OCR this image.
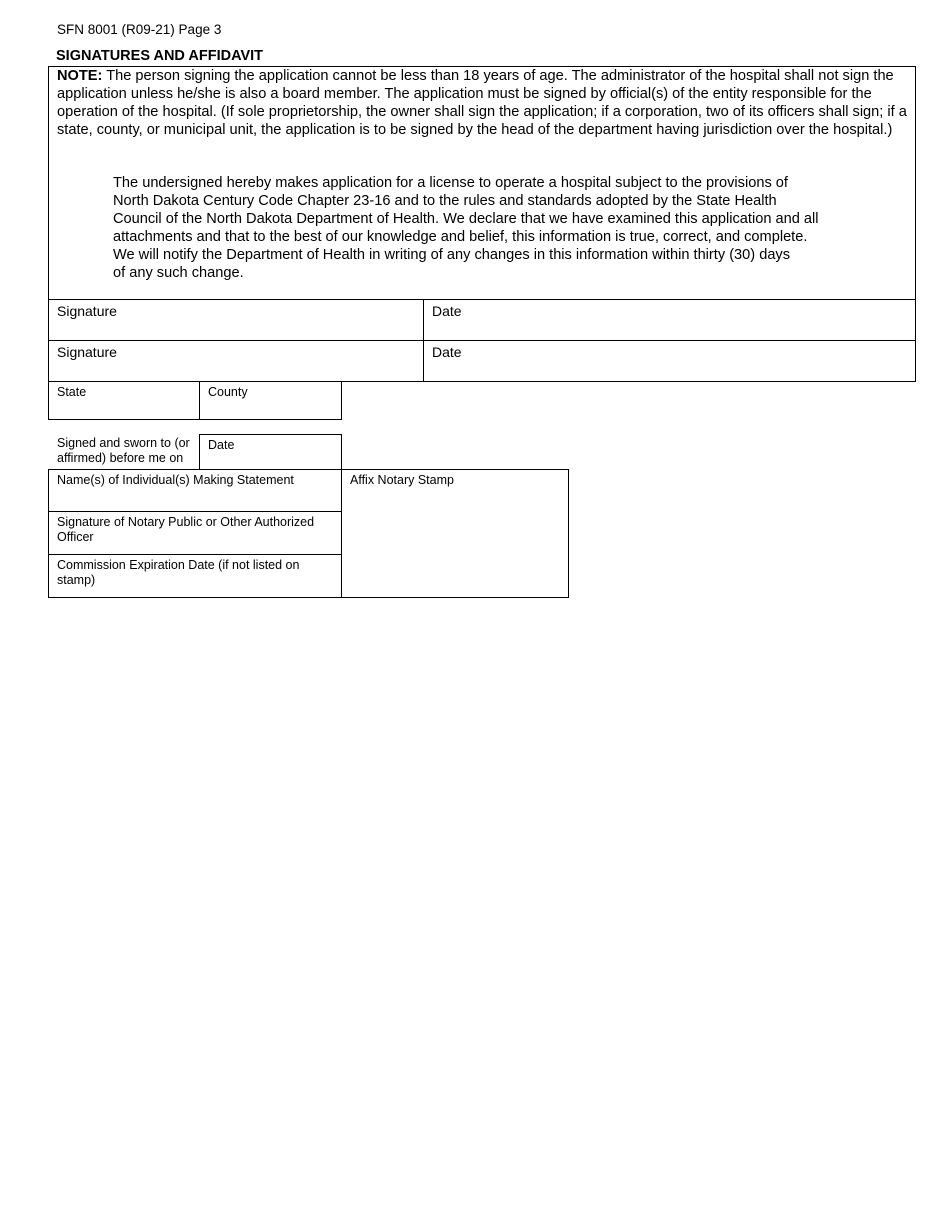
SFN 8001 (R09-21) Page 3
SIGNATURES AND AFFIDAVIT
NOTE: The person signing the application cannot be less than 18 years of age. The administrator of the hospital shall not sign the application unless he/she is also a board member. The application must be signed by official(s) of the entity responsible for the operation of the hospital. (If sole proprietorship, the owner shall sign the application; if a corporation, two of its officers shall sign; if a state, county, or municipal unit, the application is to be signed by the head of the department having jurisdiction over the hospital.)
The undersigned hereby makes application for a license to operate a hospital subject to the provisions of
North Dakota Century Code Chapter 23-16 and to the rules and standards adopted by the State Health
Council of the North Dakota Department of Health. We declare that we have examined this application and all
attachments and that to the best of our knowledge and belief, this information is true, correct, and complete.
We will notify the Department of Health in writing of any changes in this information within thirty (30) days
of any such change.
Signature	Date
Signature	Date
State	County
Signed and sworn to (or affirmed) before me on
Date
Name(s) of Individual(s) Making Statement	Affix Notary Stamp
Signature of Notary Public or Other Authorized Officer
Commission Expiration Date (if not listed on stamp)
